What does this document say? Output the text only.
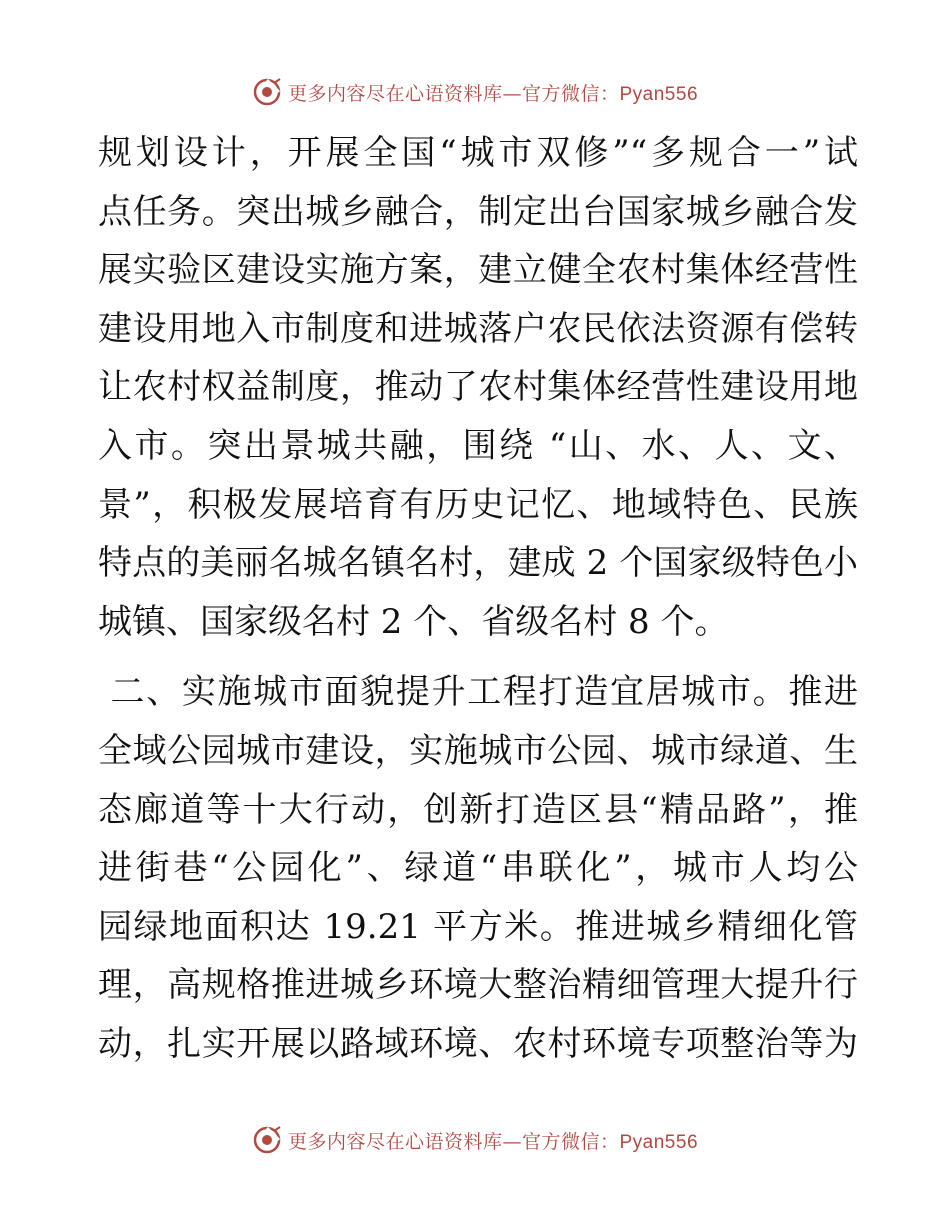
更多内容尽在心语资料库—官方微信：Pyan556
规划设计，开展全国“城市双修”“多规合一”试
点任务。突出城乡融合，制定出台国家城乡融合发
展实验区建设实施方案，建立健全农村集体经营性
建设用地入市制度和进城落户农民依法资源有偿转
让农村权益制度，推动了农村集体经营性建设用地
入市。突出景城共融，围绕 “山、水、人、文、
景”，积极发展培育有历史记忆、地域特色、民族
特点的美丽名城名镇名村，建成 2 个国家级特色小
城镇、国家级名村 2 个、省级名村 8 个。
二、实施城市面貌提升工程打造宜居城市。推进
全域公园城市建设，实施城市公园、城市绿道、生
态廊道等十大行动，创新打造区县“精品路”，推
进街巷“公园化”、绿道“串联化”，城市人均公
园绿地面积达 19.21 平方米。推进城乡精细化管
理，高规格推进城乡环境大整治精细管理大提升行
动，扎实开展以路域环境、农村环境专项整治等为
更多内容尽在心语资料库—官方微信：Pyan556
